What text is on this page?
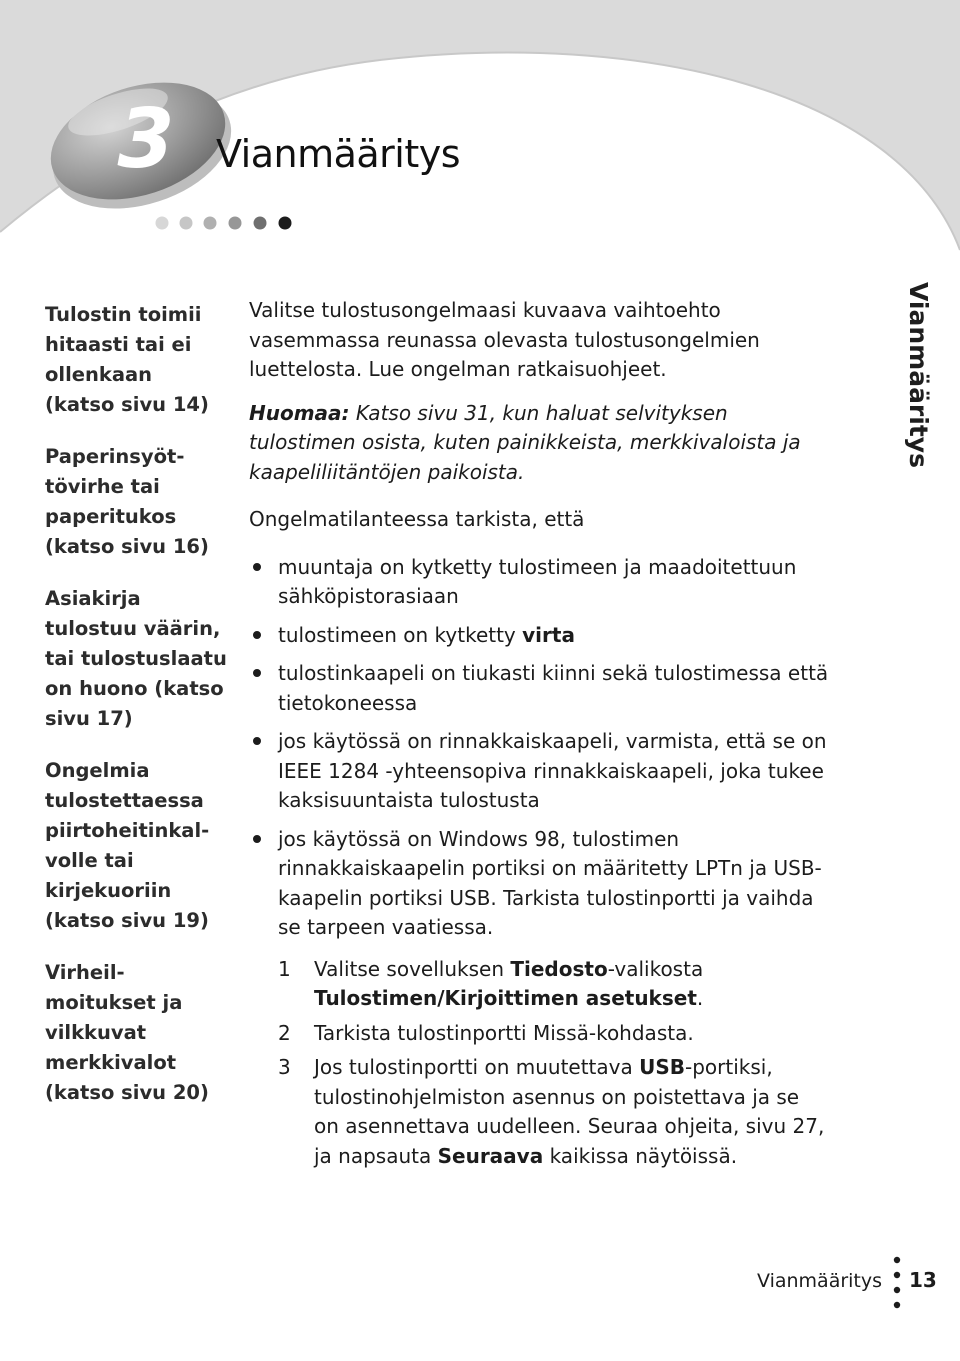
3	Vianmääritys
Tulostin toimii
hitaasti tai ei
ollenkaan
(katso sivu 14)
Paperinsyöt-
tövirhe tai
paperitukos
(katso sivu 16)
Asiakirja
tulostuu väärin,
tai tulostuslaatu
on huono (katso
sivu 17)
Ongelmia
tulostettaessa
piirtoheitinkal-
volle tai
kirjekuoriin
(katso sivu 19)
Virheil-
moitukset ja
vilkkuvat
merkkivalot
(katso sivu 20)
Vianmääritys

Valitse tulostusongelmaasi kuvaava vaihtoehto vasemmassa reunassa olevasta tulostusongelmien luettelosta. Lue ongelman ratkaisuohjeet.

Huomaa: Katso sivu 31, kun haluat selvityksen tulostimen osista, kuten painikkeista, merkkivaloista ja kaapeliliitäntöjen paikoista.

Ongelmatilanteessa tarkista, että

muuntaja on kytketty tulostimeen ja maadoitettuun sähköpistorasiaan
tulostimeen on kytketty virta
tulostinkaapeli on tiukasti kiinni sekä tulostimessa että tietokoneessa
jos käytössä on rinnakkaiskaapeli, varmista, että se on IEEE 1284 -yhteensopiva rinnakkaiskaapeli, joka tukee kaksisuuntaista tulostusta
jos käytössä on Windows 98, tulostimen rinnakkaiskaapelin portiksi on määritetty LPTn ja USB-kaapelin portiksi USB. Tarkista tulostinportti ja vaihda se tarpeen vaatiessa.
1 Valitse sovelluksen Tiedosto-valikosta Tulostimen/Kirjoittimen asetukset.
2 Tarkista tulostinportti Missä-kohdasta.
3 Jos tulostinportti on muutettava USB-portiksi, tulostinohjelmiston asennus on poistettava ja se on asennettava uudelleen. Seuraa ohjeita, sivu 27, ja napsauta Seuraava kaikissa näytöissä.
Vianmääritys 13
